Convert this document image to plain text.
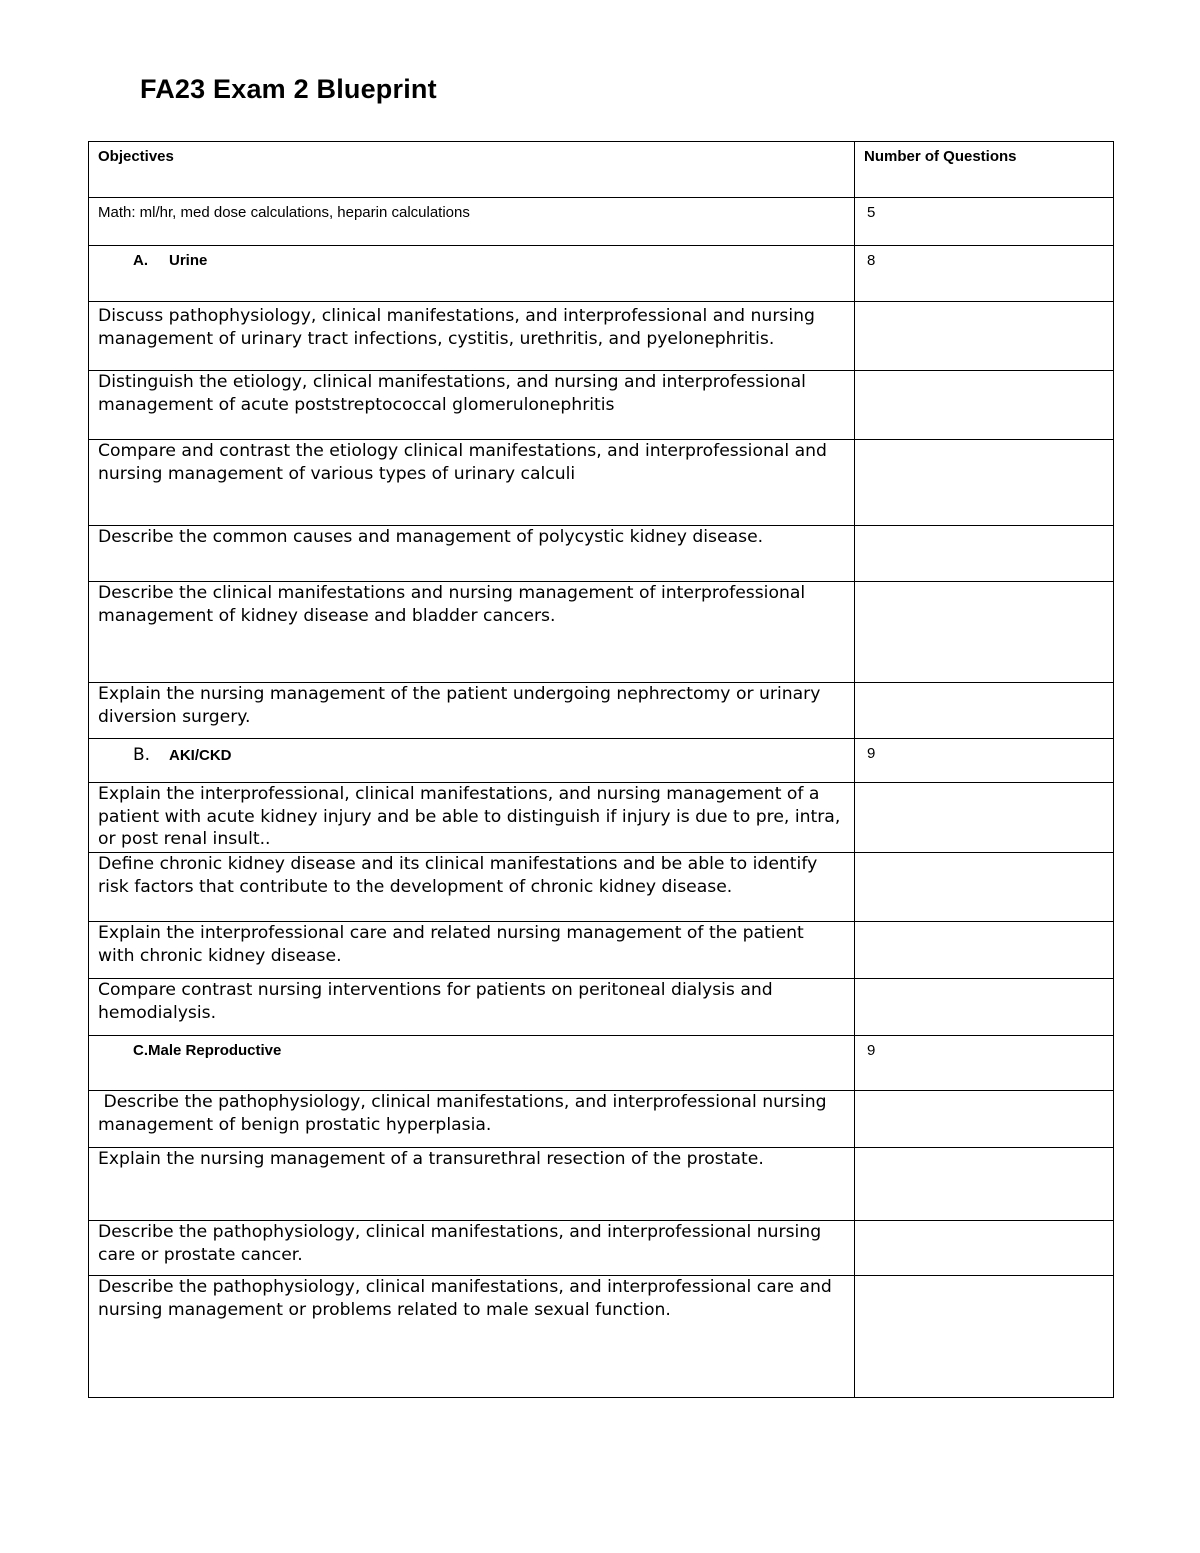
FA23 Exam 2 Blueprint
Objectives	Number of Questions
Math: ml/hr, med dose calculations, heparin calculations	5
A. Urine	8
Discuss pathophysiology, clinical manifestations, and interprofessional and nursing management of urinary tract infections, cystitis, urethritis, and pyelonephritis.	
Distinguish the etiology, clinical manifestations, and nursing and interprofessional management of acute poststreptococcal glomerulonephritis	
Compare and contrast the etiology clinical manifestations, and interprofessional and nursing management of various types of urinary calculi	
Describe the common causes and management of polycystic kidney disease.	
Describe the clinical manifestations and nursing management of interprofessional management of kidney disease and bladder cancers.	
Explain the nursing management of the patient undergoing nephrectomy or urinary diversion surgery.	
B. AKI/CKD	9
Explain the interprofessional, clinical manifestations, and nursing management of a patient with acute kidney injury and be able to distinguish if injury is due to pre, intra, or post renal insult..	
Define chronic kidney disease and its clinical manifestations and be able to identify risk factors that contribute to the development of chronic kidney disease.	
Explain the interprofessional care and related nursing management of the patient with chronic kidney disease.	
Compare contrast nursing interventions for patients on peritoneal dialysis and hemodialysis.	
C.Male Reproductive	9
Describe the pathophysiology, clinical manifestations, and interprofessional nursing management of benign prostatic hyperplasia.	
Explain the nursing management of a transurethral resection of the prostate.	
Describe the pathophysiology, clinical manifestations, and interprofessional nursing care or prostate cancer.	
Describe the pathophysiology, clinical manifestations, and interprofessional care and nursing management or problems related to male sexual function.	
